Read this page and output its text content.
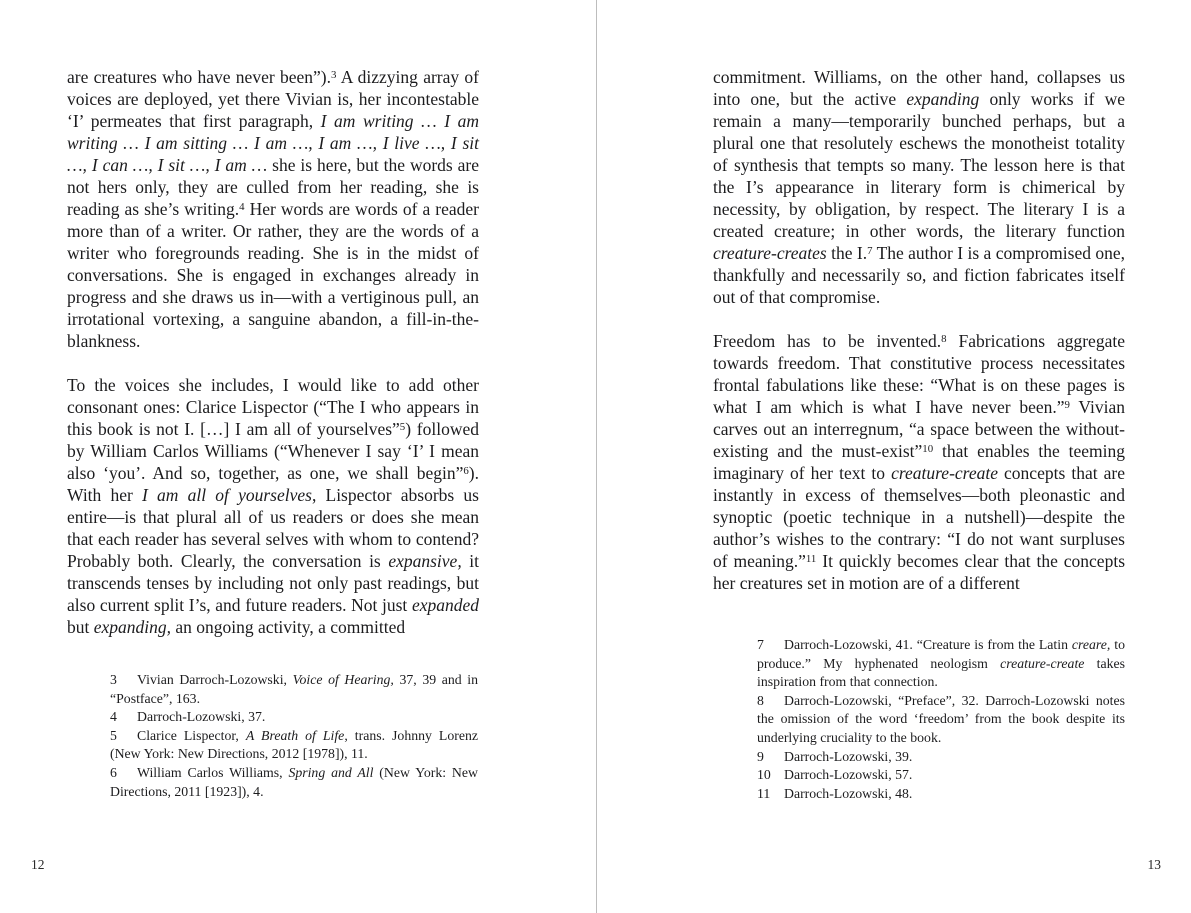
are creatures who have never been”).$^3$ A dizzying array of voices are deployed, yet there Vivian is, her incontestable ‘I’ permeates that first paragraph, I am writing … I am writing … I am sitting … I am …, I am …, I live …, I sit …, I can …, I sit …, I am … she is here, but the words are not hers only, they are culled from her reading, she is reading as she’s writing.$^4$ Her words are words of a reader more than of a writer. Or rather, they are the words of a writer who foregrounds reading. She is in the midst of conversations. She is engaged in exchanges already in progress and she draws us in—with a vertiginous pull, an irrotational vortexing, a sanguine abandon, a fill-in-the-blankness.

To the voices she includes, I would like to add other consonant ones: Clarice Lispector (“The I who appears in this book is not I. […] I am all of yourselves”$^5$) followed by William Carlos Williams (“Whenever I say ‘I’ I mean also ‘you’. And so, together, as one, we shall begin”$^6$). With her I am all of yourselves, Lispector absorbs us entire—is that plural all of us readers or does she mean that each reader has several selves with whom to contend? Probably both. Clearly, the conversation is expansive, it transcends tenses by including not only past readings, but also current split I’s, and future readers. Not just expanded but expanding, an ongoing activity, a committed

3 Vivian Darroch-Lozowski, Voice of Hearing, 37, 39 and in “Postface”, 163.

4 Darroch-Lozowski, 37.

5 Clarice Lispector, A Breath of Life, trans. Johnny Lorenz (New York: New Directions, 2012 [1978]), 11.

6 William Carlos Williams, Spring and All (New York: New Directions, 2011 [1923]), 4.

12

commitment. Williams, on the other hand, collapses us into one, but the active expanding only works if we remain a many—temporarily bunched perhaps, but a plural one that resolutely eschews the monotheist totality of synthesis that tempts so many. The lesson here is that the I’s appearance in literary form is chimerical by necessity, by obligation, by respect. The literary I is a created creature; in other words, the literary function creature-creates the I.$^7$ The author I is a compromised one, thankfully and necessarily so, and fiction fabricates itself out of that compromise.

Freedom has to be invented.$^8$ Fabrications aggregate towards freedom. That constitutive process necessitates frontal fabulations like these: “What is on these pages is what I am which is what I have never been.”$^9$ Vivian carves out an interregnum, “a space between the without-existing and the must-exist”$^{10}$ that enables the teeming imaginary of her text to creature-create concepts that are instantly in excess of themselves—both pleonastic and synoptic (poetic technique in a nutshell)—despite the author’s wishes to the contrary: “I do not want surpluses of meaning.”$^{11}$ It quickly becomes clear that the concepts her creatures set in motion are of a different

7 Darroch-Lozowski, 41. “Creature is from the Latin creare, to produce.” My hyphenated neologism creature-create takes inspiration from that connection.

8 Darroch-Lozowski, “Preface”, 32. Darroch-Lozowski notes the omission of the word ‘freedom’ from the book despite its underlying cruciality to the book.

9 Darroch-Lozowski, 39.

10 Darroch-Lozowski, 57.

11 Darroch-Lozowski, 48.

13
